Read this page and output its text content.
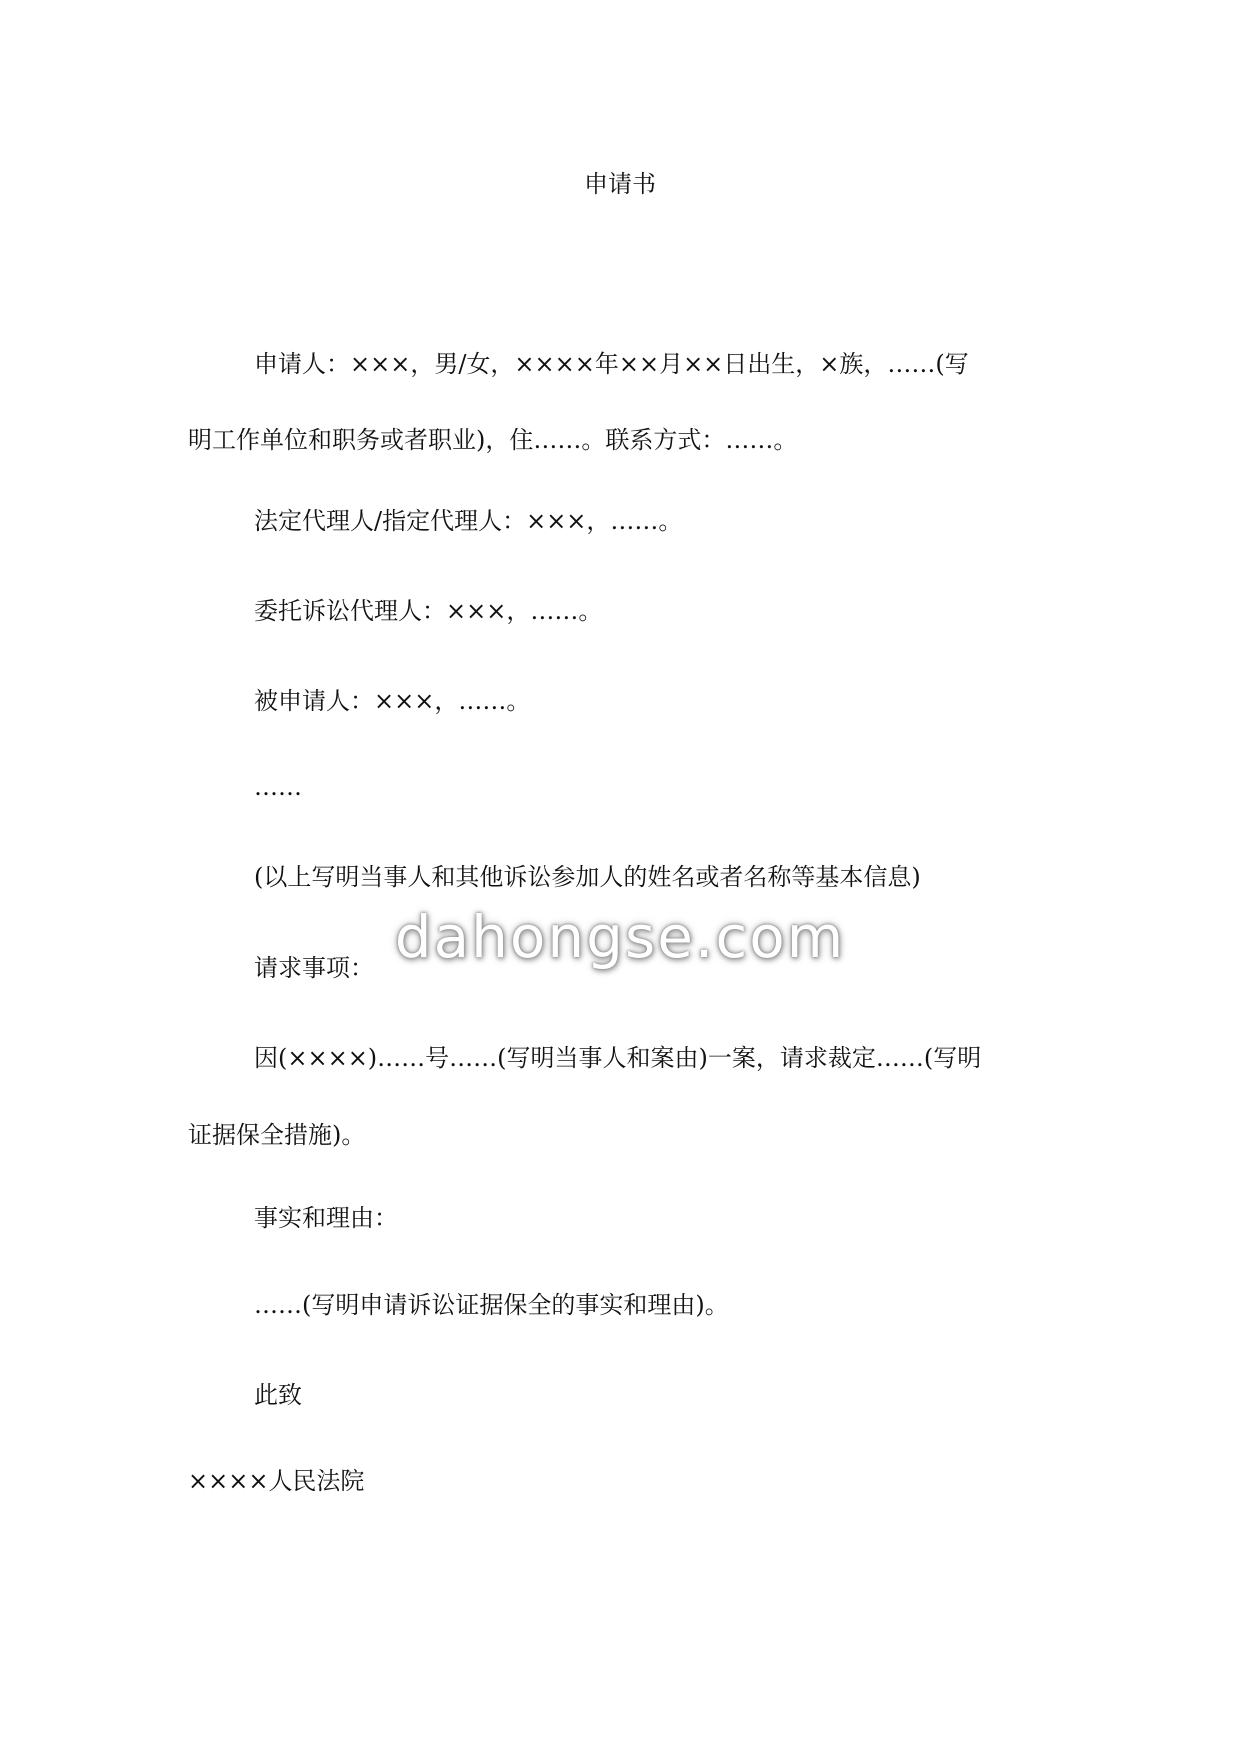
申请书
申请人：×××，男/女，××××年××月××日出生，×族，……(写
明工作单位和职务或者职业)，住……。联系方式：……。
法定代理人/指定代理人：×××，……。
委托诉讼代理人：×××，……。
被申请人：×××，……。
……
(以上写明当事人和其他诉讼参加人的姓名或者名称等基本信息)
请求事项：
因(××××)……号……(写明当事人和案由)一案，请求裁定……(写明
证据保全措施)。
事实和理由：
……(写明申请诉讼证据保全的事实和理由)。
此致
××××人民法院
dahongse.com
